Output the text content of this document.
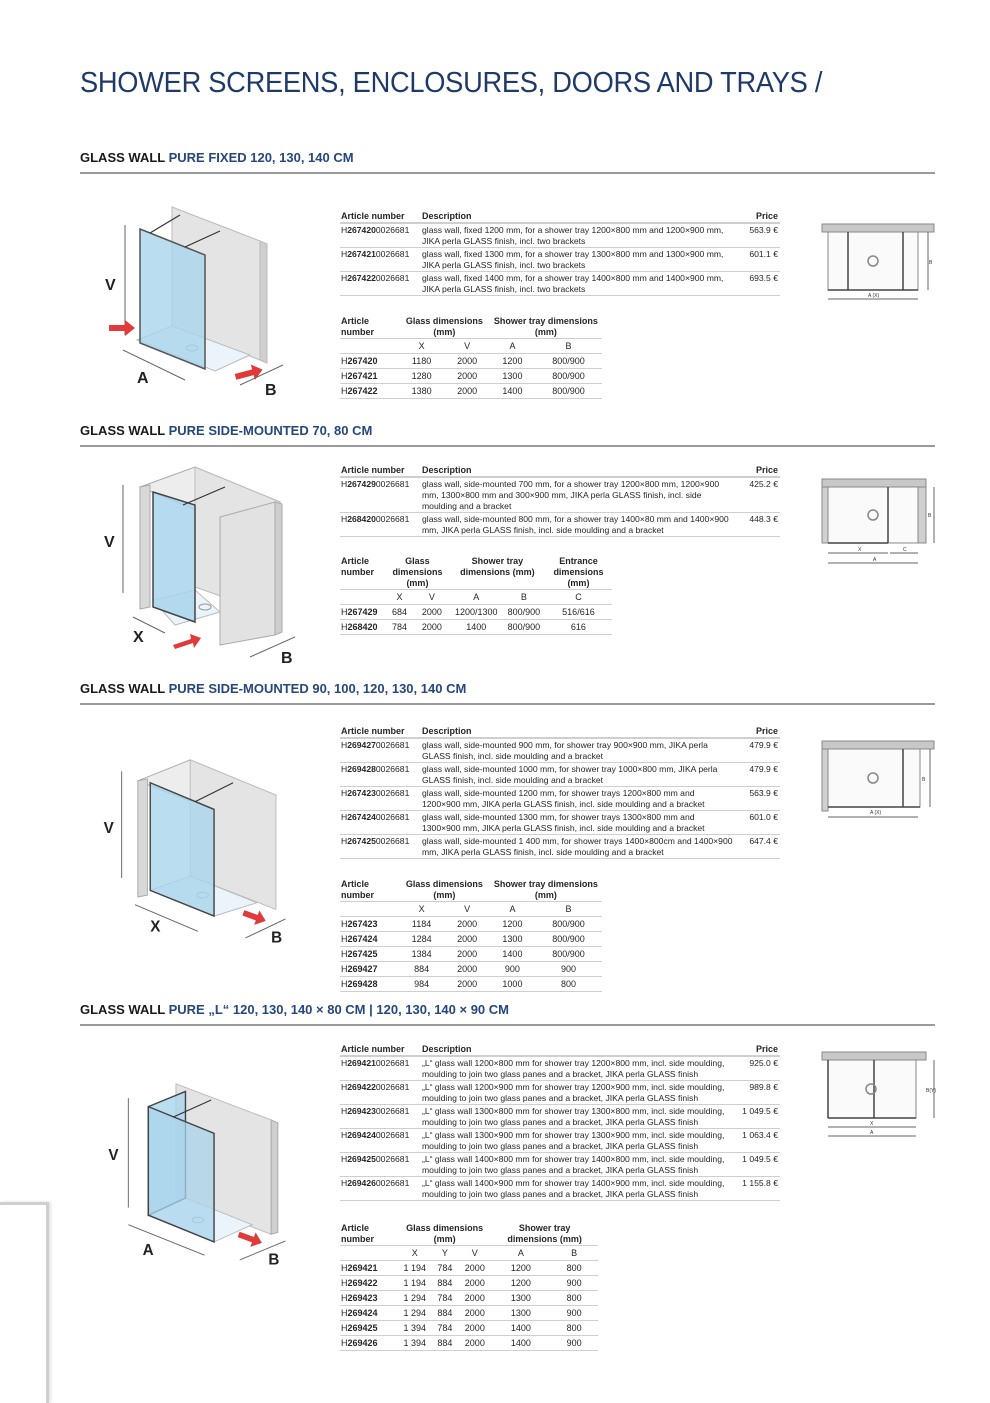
SHOWER SCREENS, ENCLOSURES, DOORS AND TRAYS /
GLASS WALL PURE FIXED 120, 130, 140 CM
V
A
B
Article number	Description	Price
H2674200026681	glass wall, fixed 1200 mm, for a shower tray 1200×800 mm and 1200×900 mm, JIKA perla GLASS finish, incl. two brackets	563.9 €
H2674210026681	glass wall, fixed 1300 mm, for a shower tray 1300×800 mm and 1300×900 mm, JIKA perla GLASS finish, incl. two brackets	601.1 €
H2674220026681	glass wall, fixed 1400 mm, for a shower tray 1400×800 mm and 1400×900 mm, JIKA perla GLASS finish, incl. two brackets	693.5 €
Article number	Glass dimensions (mm)		Shower tray dimensions (mm)	
	X	V	A	B
H267420	1180	2000	1200	800/900
H267421	1280	2000	1300	800/900
H267422	1380	2000	1400	800/900
B
A (X)
GLASS WALL PURE SIDE-MOUNTED 70, 80 CM
V
X
B
Article number	Description	Price
H2674290026681	glass wall, side-mounted 700 mm, for a shower tray 1200×800 mm, 1200×900 mm, 1300×800 mm and 300×900 mm, JIKA perla GLASS finish, incl. side moulding and a bracket	425.2 €
H2684200026681	glass wall, side-mounted 800 mm, for a shower tray 1400×80 mm and 1400×900 mm, JIKA perla GLASS finish, incl. side moulding and a bracket	448.3 €
Article number	Glass dimensions (mm)		Shower tray dimensions (mm)		Entrance dimensions (mm)
	X	V	A	B	C
H267429	684	2000	1200/1300	800/900	516/616
H268420	784	2000	1400	800/900	616
B
X	C
A
GLASS WALL PURE SIDE-MOUNTED 90, 100, 120, 130, 140 CM
V
X
B
Article number	Description	Price
H2694270026681	glass wall, side-mounted 900 mm, for shower tray 900×900 mm, JIKA perla GLASS finish, incl. side moulding and a bracket	479.9 €
H2694280026681	glass wall, side-mounted 1000 mm, for shower tray 1000×800 mm, JIKA perla GLASS finish, incl. side moulding and a bracket	479.9 €
H2674230026681	glass wall, side-mounted 1200 mm, for shower trays 1200×800 mm and 1200×900 mm, JIKA perla GLASS finish, incl. side moulding and a bracket	563.9 €
H2674240026681	glass wall, side-mounted 1300 mm, for shower trays 1300×800 mm and 1300×900 mm, JIKA perla GLASS finish, incl. side moulding and a bracket	601.0 €
H2674250026681	glass wall, side-mounted 1 400 mm, for shower trays 1400×800cm and 1400×900 mm, JIKA perla GLASS finish, incl. side moulding and a bracket	647.4 €
Article number	Glass dimensions (mm)		Shower tray dimensions (mm)	
	X	V	A	B
H267423	1184	2000	1200	800/900
H267424	1284	2000	1300	800/900
H267425	1384	2000	1400	800/900
H269427	884	2000	900	900
H269428	984	2000	1000	800
B
A (X)
GLASS WALL PURE „L“ 120, 130, 140 × 80 CM | 120, 130, 140 × 90 CM
V
A
B
Article number	Description	Price
H2694210026681	„L“ glass wall 1200×800 mm for shower tray 1200×800 mm, incl. side moulding, moulding to join two glass panes and a bracket, JIKA perla GLASS finish	925.0 €
H2694220026681	„L“ glass wall 1200×900 mm for shower tray 1200×900 mm, incl. side moulding, moulding to join two glass panes and a bracket, JIKA perla GLASS finish	989.8 €
H2694230026681	„L“ glass wall 1300×800 mm for shower tray 1300×800 mm, incl. side moulding, moulding to join two glass panes and a bracket, JIKA perla GLASS finish	1 049.5 €
H2694240026681	„L“ glass wall 1300×900 mm for shower tray 1300×900 mm, incl. side moulding, moulding to join two glass panes and a bracket, JIKA perla GLASS finish	1 063.4 €
H2694250026681	„L“ glass wall 1400×800 mm for shower tray 1400×800 mm, incl. side moulding, moulding to join two glass panes and a bracket, JIKA perla GLASS finish	1 049.5 €
H2694260026681	„L“ glass wall 1400×900 mm for shower tray 1400×900 mm, incl. side moulding, moulding to join two glass panes and a bracket, JIKA perla GLASS finish	1 155.8 €
Article number	Glass dimensions (mm)			Shower tray dimensions (mm)	
	X	Y	V	A	B
H269421	1 194	784	2000	1200	800
H269422	1 194	884	2000	1200	900
H269423	1 294	784	2000	1300	800
H269424	1 294	884	2000	1300	900
H269425	1 394	784	2000	1400	800
H269426	1 394	884	2000	1400	900
B(Y)
X
A
